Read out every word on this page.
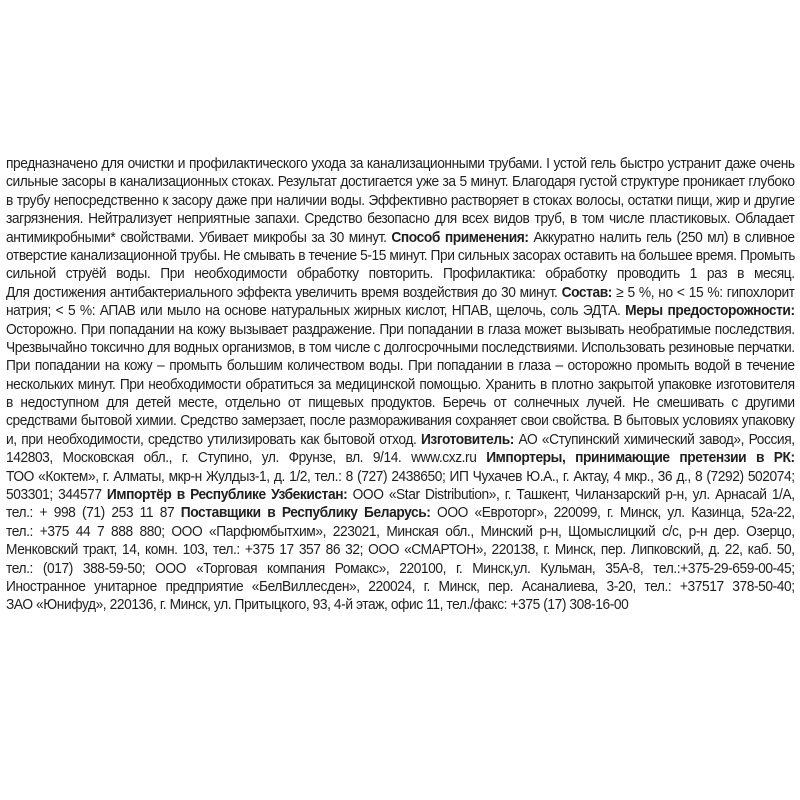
предназначено для очистки и профилактического ухода за канализационными трубами. I устой гель быстро устранит даже очень
сильные засоры в канализационных стоках. Результат достигается уже за 5 минут. Благодаря густой структуре проникает глубоко
в трубу непосредственно к засору даже при наличии воды. Эффективно растворяет в стоках волосы, остатки пищи, жир и другие
загрязнения. Нейтрализует неприятные запахи. Средство безопасно для всех видов труб, в том числе пластиковых. Обладает
антимикробными* свойствами. Убивает микробы за 30 минут. Способ применения: Аккуратно налить гель (250 мл) в сливное
отверстие канализационной трубы. Не смывать в течение 5-15 минут. При сильных засорах оставить на большее время. Промыть
сильной струёй воды. При необходимости обработку повторить. Профилактика: обработку проводить 1 раз в месяц.
Для достижения антибактериального эффекта увеличить время воздействия до 30 минут. Состав: ≥ 5 %, но < 15 %: гипохлорит
натрия; < 5 %: АПАВ или мыло на основе натуральных жирных кислот, НПАВ, щелочь, соль ЭДТА. Меры предосторожности:
Осторожно. При попадании на кожу вызывает раздражение. При попадании в глаза может вызывать необратимые последствия.
Чрезвычайно токсично для водных организмов, в том числе с долгосрочными последствиями. Использовать резиновые перчатки.
При попадании на кожу – промыть большим количеством воды. При попадании в глаза – осторожно промыть водой в течение
нескольких минут. При необходимости обратиться за медицинской помощью. Хранить в плотно закрытой упаковке изготовителя
в недоступном для детей месте, отдельно от пищевых продуктов. Беречь от солнечных лучей. Не смешивать с другими
средствами бытовой химии. Средство замерзает, после размораживания сохраняет свои свойства. В бытовых условиях упаковку
и, при необходимости, средство утилизировать как бытовой отход. Изготовитель: АО «Ступинский химический завод», Россия,
142803, Московская обл., г. Ступино, ул. Фрунзе, вл. 9/14. www.cxz.ru Импортеры, принимающие претензии в РК:
ТОО «Коктем», г. Алматы, мкр-н Жулдыз-1, д. 1/2, тел.: 8 (727) 2438650; ИП Чухачев Ю.А., г. Актау, 4 мкр., 36 д., 8 (7292) 502074;
503301; 344577 Импортёр в Республике Узбекистан: ООО «Star Distribution», г. Ташкент, Чиланзарский р-н, ул. Арнасай 1/А,
тел.: + 998 (71) 253 11 87 Поставщики в Республику Беларусь: ООО «Евроторг», 220099, г. Минск, ул. Казинца, 52а-22,
тел.: +375 44 7 888 880; ООО «Парфюмбытхим», 223021, Минская обл., Минский р-н, Щомыслицкий с/с, р-н дер. Озерцо,
Менковский тракт, 14, комн. 103, тел.: +375 17 357 86 32; ООО «СМАРТОН», 220138, г. Минск, пер. Липковский, д. 22, каб. 50,
тел.: (017) 388-59-50; ООО «Торговая компания Ромакс», 220100, г. Минск,ул. Кульман, 35А-8, тел.:+375-29-659-00-45;
Иностранное унитарное предприятие «БелВиллесден», 220024, г. Минск, пер. Асаналиева, 3-20, тел.: +37517 378-50-40;
ЗАО «Юнифуд», 220136, г. Минск, ул. Притыцкого, 93, 4-й этаж, офис 11, тел./факс: +375 (17) 308-16-00
